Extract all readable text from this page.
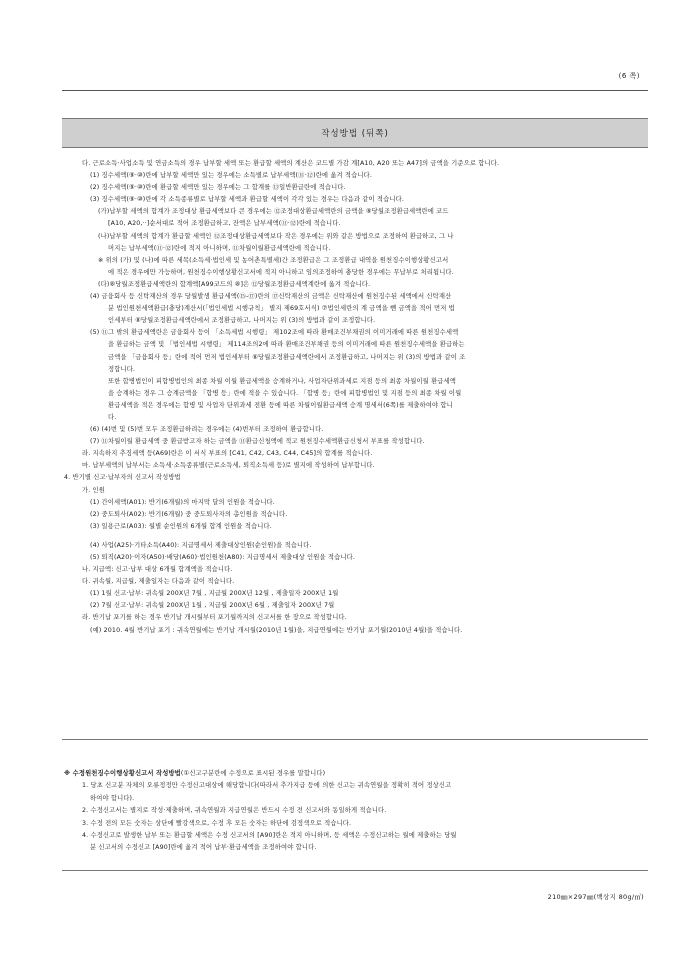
(6 쪽)
작성방법 (뒤쪽)
다. 근로소득·사업소득 및 연금소득의 경우 납부할 세액 또는 환급할 세액의 계산은 코드별 가감 계[A10, A20 또는 A47]의 금액을 기준으로 합니다.
(1) 징수세액(⑨·⑩)란에 납부할 세액만 있는 경우에는 소득별로 납부세액(⑪·⑫)란에 옮겨 적습니다.
(2) 징수세액(⑨·⑩)란에 환급할 세액만 있는 경우에는 그 합계를 ⑬일반환급란에 적습니다.
(3) 징수세액(⑨·⑩)란에 각 소득종류별로 납부할 세액과 환급할 세액이 각각 있는 경우는 다음과 같이 적습니다.
(가)납부할 세액의 합계가 조정대상 환급세액보다 큰 경우에는 ⑫조정대상환급세액란의 금액을 ⑧당월조정환급세액란에 코드
[A10, A20,··]순서대로 적어 조정환급하고, 잔액은 납부세액(⑪·⑫)란에 적습니다.
(나)납부할 세액의 합계가 환급할 세액인 ⑫조정대상환급세액보다 작은 경우에는 위와 같은 방법으로 조정하여 환급하고, 그 나
머지는 납부세액(⑪·⑫)란에 적지 아니하며, ⑪차월이월환급세액란에 적습니다.
※ 위의 (가) 및 (나)에 따른 세목(소득세·법인세 및 농어촌특별세)간 조정환급은 그 조정환급 내역을 원천징수이행상황신고서
에 적은 경우에만 가능하며, 원천징수이행상황신고서에 적지 아니하고 임의조정하여 충당한 경우에는 무납부로 처리됩니다.
(다)⑧당월조정환급세액란의 합계액[A99코드의 ⑧]은 ⑫당월조정환급세액계란에 옮겨 적습니다.
(4) 금융회사 등 신탁재산의 경우 당월발생 환급세액(⑮-⑰)란의 ⑰신탁재산의 금액은 신탁재산에 원천징수된 세액에서 신탁재산
분 법인원천세액환급(충당)계산서(「법인세법 시행규칙」 별지 제69호서식) ⑦법인세란의 계 금액을 뺀 금액을 적어 먼저 법
인세부터 ⑧당월조정환급세액란에서 조정환급하고, 나머지는 위 (3)의 방법과 같이 조정합니다.
(5) ⑪그 밖의 환급세액란은 금융회사 등이 「소득세법 시행령」 제102조에 따라 환매조건부채권의 이미거래에 따른 원천징수세액
을 환급하는 금액 및 「법인세법 시행령」 제114조의2에 따라 환매조건부채권 등의 이미거래에 따른 원천징수세액을 환급하는
금액을 「금융회사 등」란에 적어 먼저 법인세부터 ⑧당월조정환급세액란에서 조정환급하고, 나머지는 위 (3)의 방법과 같이 조
정합니다.
또한 합병법인이 피합병법인의 최종 차월 이월 환급세액을 승계하거나, 사업자단위과세로 지점 등의 최종 차월이월 환급세액
을 승계하는 경우 그 승계금액을 「합병 등」란에 적을 수 있습니다. 「합병 등」란에 피합병법인 및 지점 등의 최종 차월 이월
환급세액을 적은 경우에는 합병 및 사업자 단위과세 전환 등에 따른 차월이월환급세액 승계 명세서(6쪽)를 제출하여야 합니
다.
(6) (4)번 및 (5)번 모두 조정환급하려는 경우에는 (4)번부터 조정하여 환급합니다.
(7) ⑪차월이월 환급세액 중 환급받고자 하는 금액을 ⑪환급신청액에 적고 원천징수세액환급신청서 부표를 작성합니다.
라. 지속하지 추징세액 등(A69)란은 이 서식 부표의 [C41, C42, C43, C44, C45]의 합계를 적습니다.
마. 납부세액의 납부서는 소득세·소득종류별(근로소득세, 퇴직소득세 등)로 별지에 작성하여 납부합니다.
4. 반기별 신고·납부자의 신고서 작성방법
가. 인원
(1) 간이세액(A01): 반기(6개월)의 마지막 달의 인원을 적습니다.
(2) 중도퇴사(A02): 반기(6개월) 중 중도퇴사자의 총인원을 적습니다.
(3) 일용근로(A03): 월별 순인원의 6개월 합계 인원을 적습니다.
(4) 사업(A25)·기타소득(A40): 지급명세서 제출대상인원(순인원)을 적습니다.
(5) 퇴직(A20)·이자(A50)·배당(A60)·법인원천(A80): 지급명세서 제출대상 인원을 적습니다.
나. 지급액: 신고·납부 대상 6개월 합계액을 적습니다.
다. 귀속월, 지급월, 제출일자는 다음과 같이 적습니다.
(1) 1월 신고·납부: 귀속월 200X년 7월 , 지급월 200X년 12월 , 제출일자 200X년 1월
(2) 7월 신고·납부: 귀속월 200X년 1월 , 지급월 200X년 6월 , 제출일자 200X년 7월
라. 반기납 포기를 하는 경우 반기납 개시월부터 포기월까지의 신고서를 한 장으로 작성합니다.
(예) 2010. 4월 반기납 포기 : 귀속연월에는 반기납 개시월(2010년 1월)을, 지급연월에는 반기납 포기월(2010년 4월)을 적습니다.
※ 수정원천징수이행상황신고서 작성방법(①신고구분란에 수정으로 표시된 경우를 말합니다)
1. 당초 신고분 자체의 오류정정만 수정신고대상에 해당합니다(따라서 추가지급 등에 의한 신고는 귀속연월을 정확히 적어 정상신고
하여야 합니다).
2. 수정신고서는 별지로 작성·제출하며, 귀속연월과 지급연월은 반드시 수정 전 신고서와 동일하게 적습니다.
3. 수정 전의 모든 숫자는 상단에 빨강색으로, 수정 후 모든 숫자는 하단에 검정색으로 적습니다.
4. 수정신고로 발생한 납부 또는 환급할 세액은 수정 신고서의 [A90]란은 적지 아니하며, 등 세액은 수정신고하는 월에 제출하는 당월
분 신고서의 수정신고 [A90]란에 옮겨 적어 납부·환급세액을 조정하여야 합니다.
210㎜×297㎜(백상지 80g/㎡)
